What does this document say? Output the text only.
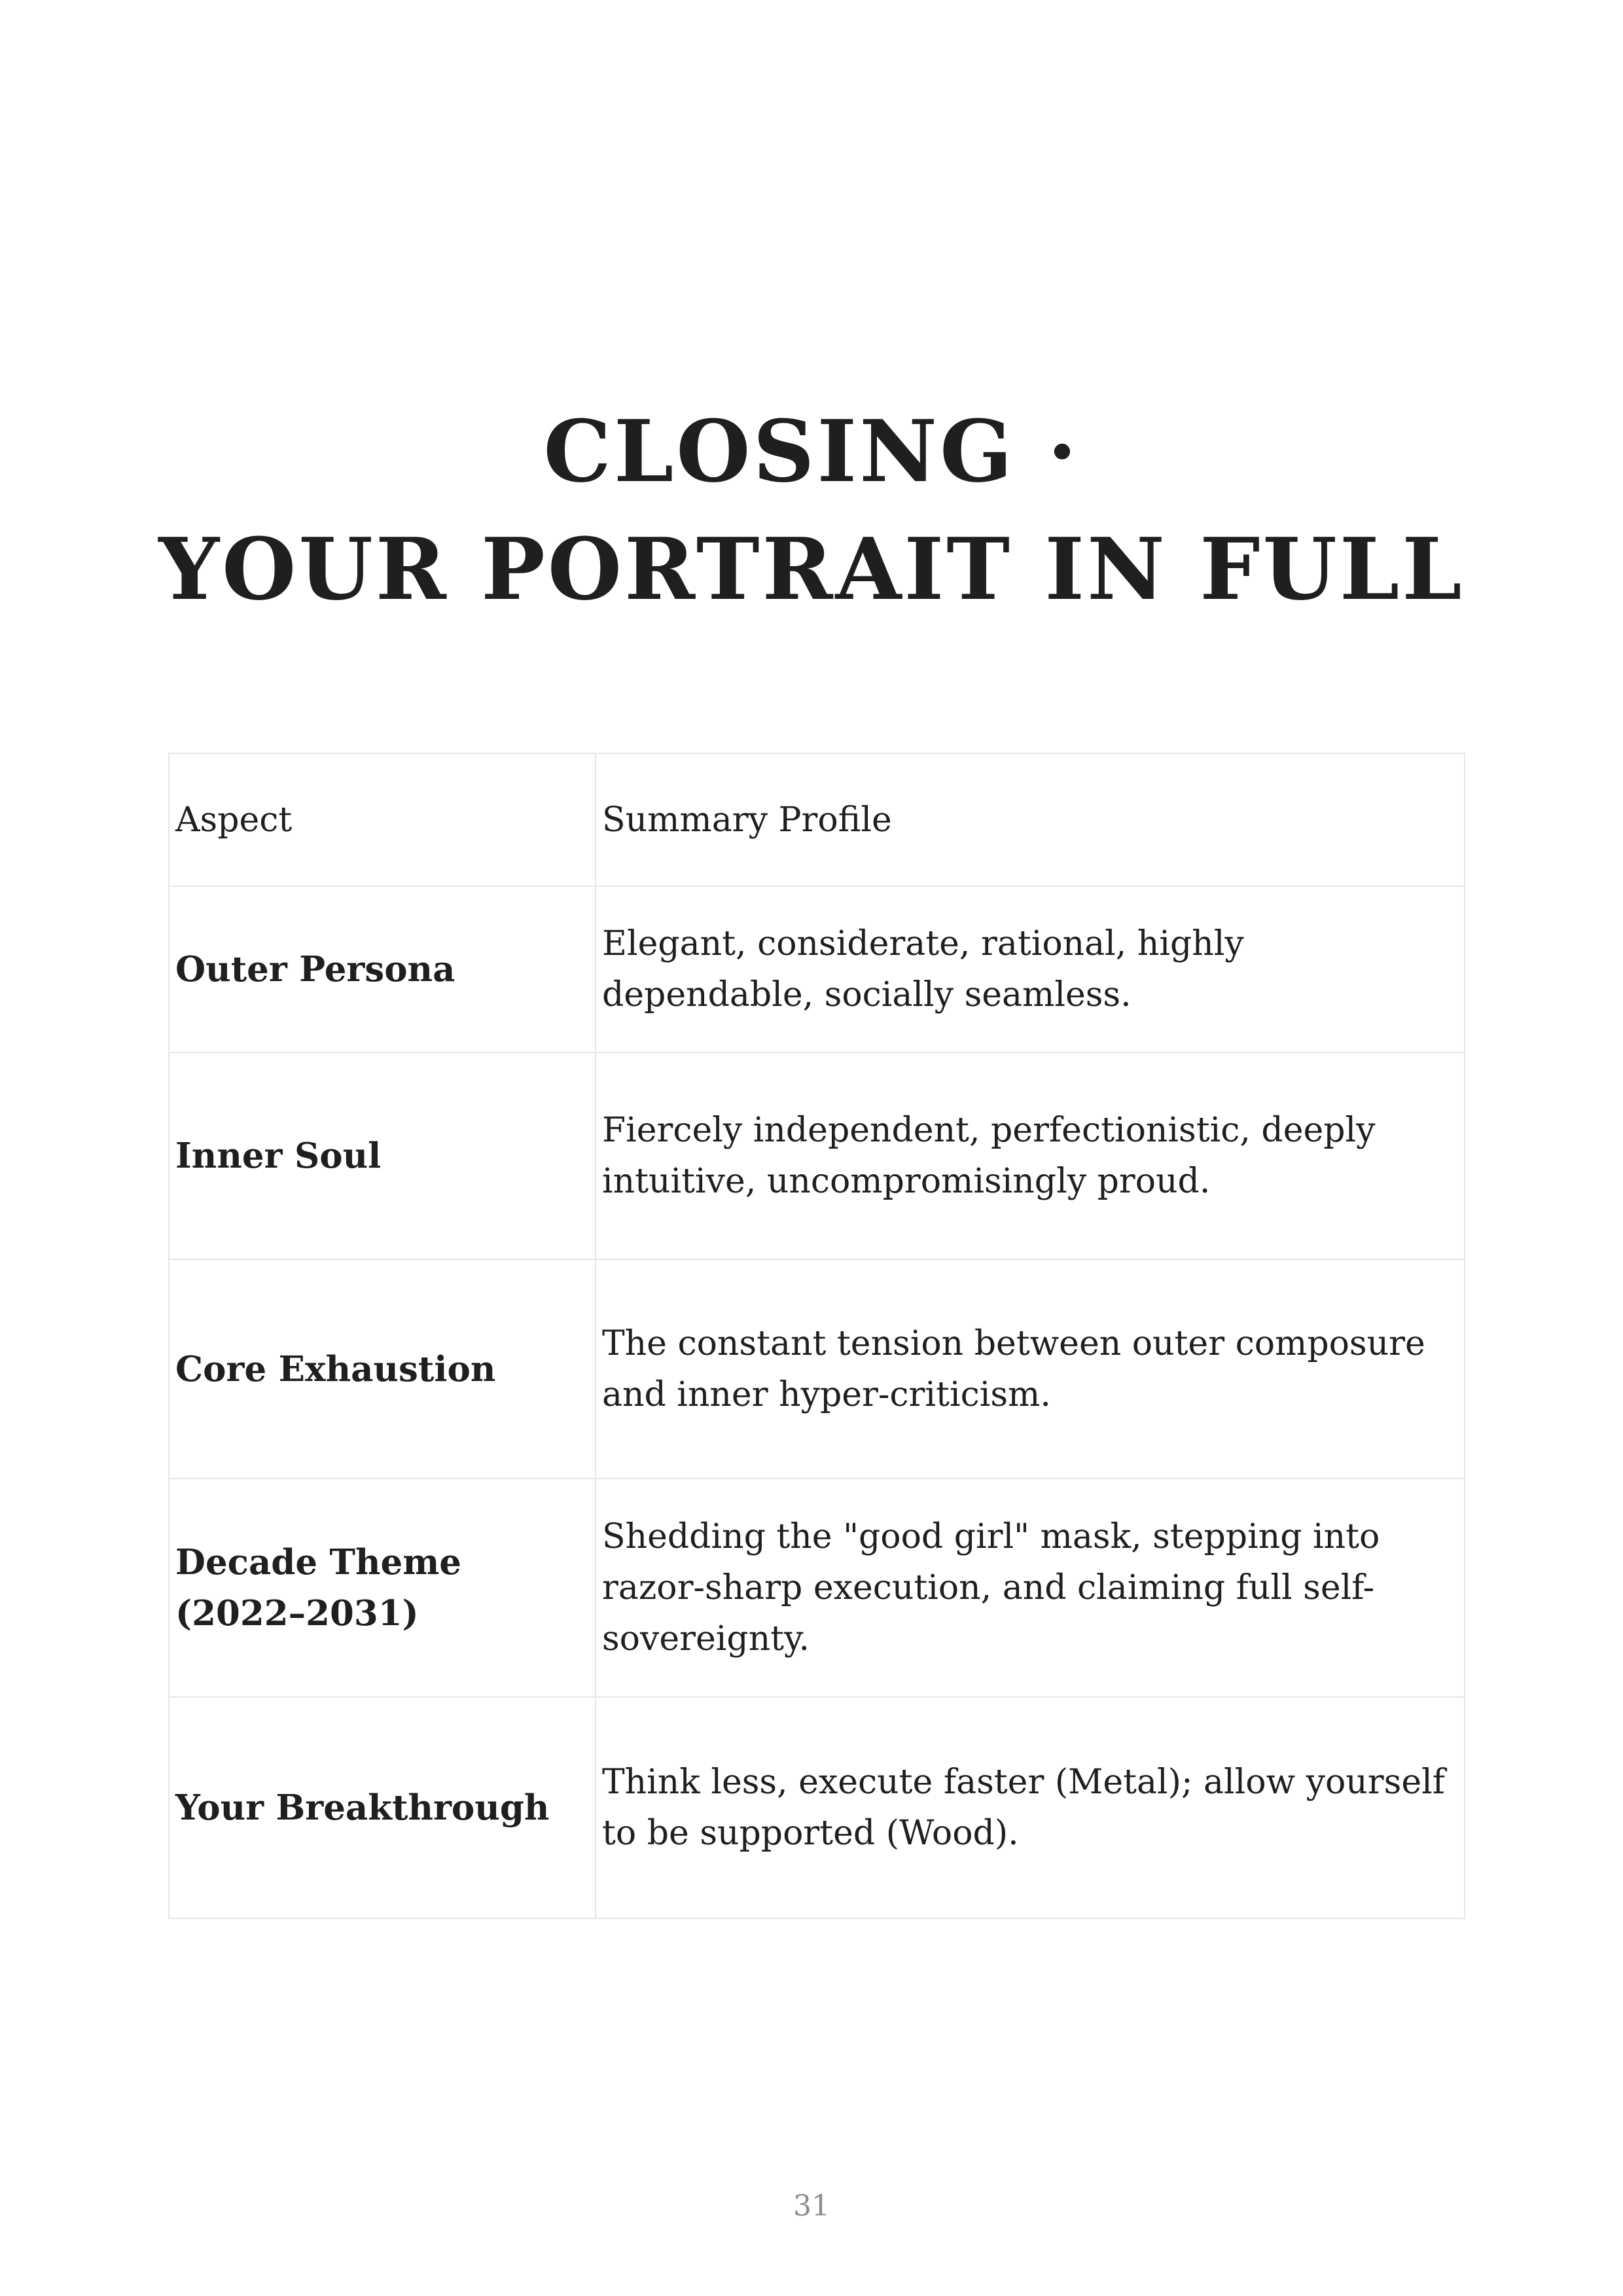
CLOSING ·
YOUR PORTRAIT IN FULL
Aspect	Summary Profile
Outer Persona	Elegant, considerate, rational, highly dependable, socially seamless.
Inner Soul	Fiercely independent, perfectionistic, deeply intuitive, uncompromisingly proud.
Core Exhaustion	The constant tension between outer composure and inner hyper-criticism.
Decade Theme (2022–2031)	Shedding the "good girl" mask, stepping into razor-sharp execution, and claiming full self-sovereignty.
Your Breakthrough	Think less, execute faster (Metal); allow yourself to be supported (Wood).
31
